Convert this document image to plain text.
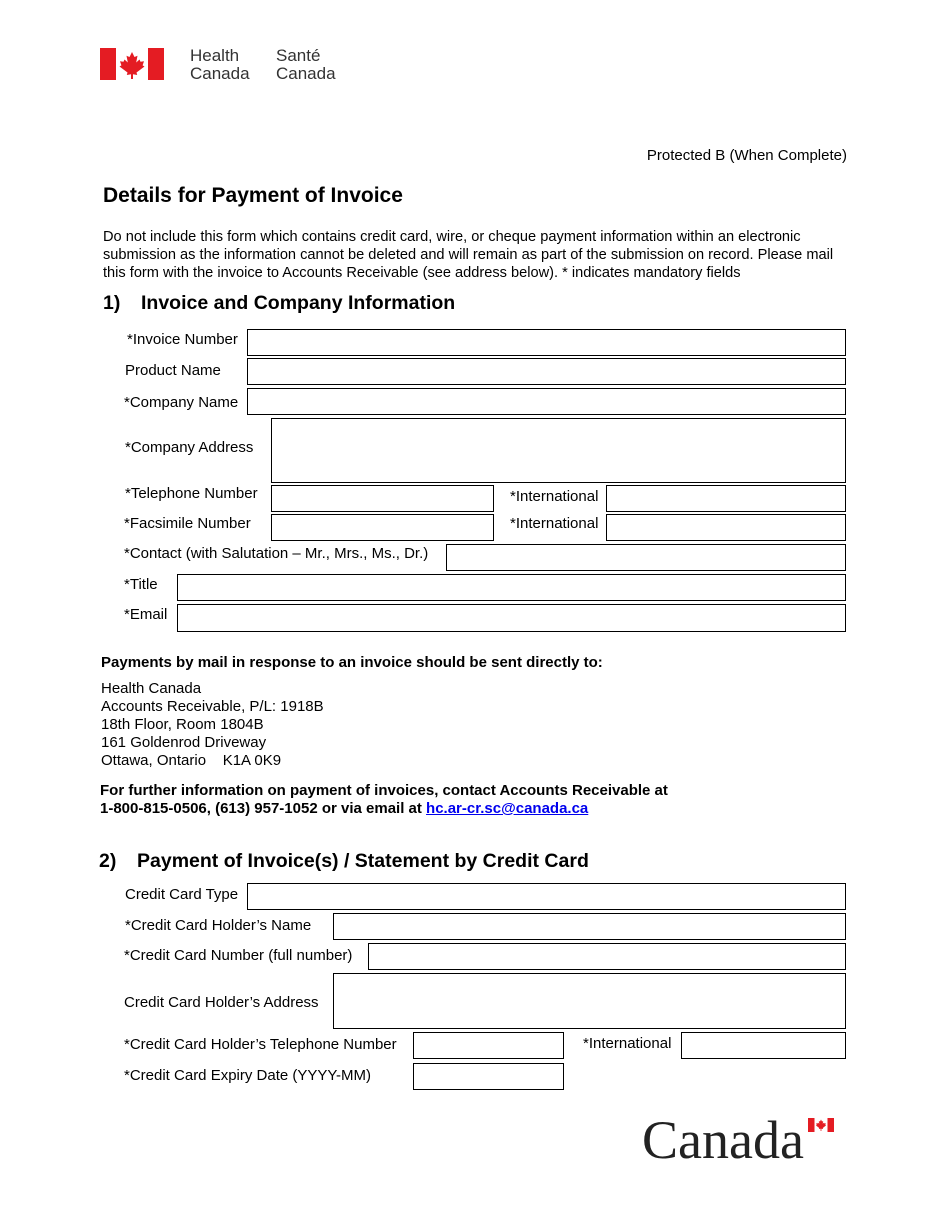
Health
Canada
Santé
Canada
Protected B (When Complete)
Details for Payment of Invoice
Do not include this form which contains credit card, wire, or cheque payment information within an electronic submission as the information cannot be deleted and will remain as part of the submission on record. Please mail this form with the invoice to Accounts Receivable (see address below). * indicates mandatory fields
1) Invoice and Company Information
*Invoice Number
Product Name
*Company Name
*Company Address
*Telephone Number	*International
*Facsimile Number	*International
*Contact (with Salutation – Mr., Mrs., Ms., Dr.)
*Title
*Email
Payments by mail in response to an invoice should be sent directly to:
Health Canada
Accounts Receivable, P/L: 1918B
18th Floor, Room 1804B
161 Goldenrod Driveway
Ottawa, Ontario    K1A 0K9
For further information on payment of invoices, contact Accounts Receivable at
1-800-815-0506, (613) 957-1052 or via email at hc.ar-cr.sc@canada.ca
2) Payment of Invoice(s) / Statement by Credit Card
Credit Card Type
*Credit Card Holder’s Name
*Credit Card Number (full number)
Credit Card Holder’s Address
*Credit Card Holder’s Telephone Number	*International
*Credit Card Expiry Date (YYYY-MM)
Canada
